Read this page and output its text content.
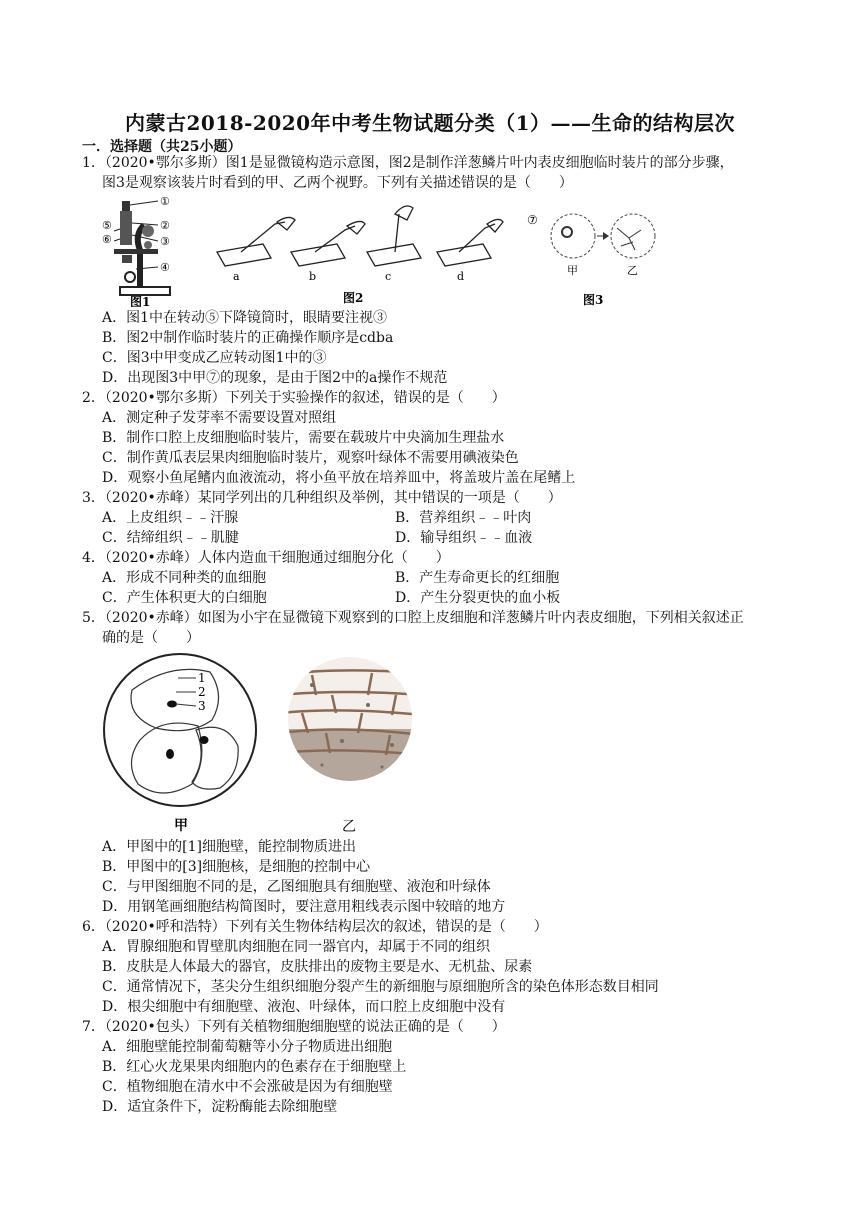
内蒙古2018-2020年中考生物试题分类（1）——生命的结构层次
一．选择题（共25小题）
1．（2020•鄂尔多斯）图1是显微镜构造示意图，图2是制作洋葱鳞片叶内表皮细胞临时装片的部分步骤，
图3是观察该装片时看到的甲、乙两个视野。下列有关描述错误的是（　　）
①
②
③
④
⑤
⑥
图1
a	b	c	d
图2
⑦
甲	乙
图3
A．图1中在转动⑤下降镜筒时，眼睛要注视③
B．图2中制作临时装片的正确操作顺序是cdba
C．图3中甲变成乙应转动图1中的③
D．出现图3中甲⑦的现象，是由于图2中的a操作不规范
2．（2020•鄂尔多斯）下列关于实验操作的叙述，错误的是（　　）
A．测定种子发芽率不需要设置对照组
B．制作口腔上皮细胞临时装片，需要在载玻片中央滴加生理盐水
C．制作黄瓜表层果肉细胞临时装片，观察叶绿体不需要用碘液染色
D．观察小鱼尾鳍内血液流动，将小鱼平放在培养皿中，将盖玻片盖在尾鳍上
3．（2020•赤峰）某同学列出的几种组织及举例，其中错误的一项是（　　）
A．上皮组织﹣﹣汗腺	B．营养组织﹣﹣叶肉
C．结缔组织﹣﹣肌腱	D．输导组织﹣﹣血液
4．（2020•赤峰）人体内造血干细胞通过细胞分化（　　）
A．形成不同种类的血细胞	B．产生寿命更长的红细胞
C．产生体积更大的白细胞	D．产生分裂更快的血小板
5．（2020•赤峰）如图为小宇在显微镜下观察到的口腔上皮细胞和洋葱鳞片叶内表皮细胞，下列相关叙述正
确的是（　　）
1
2
3
甲	乙
A．甲图中的[1]细胞壁，能控制物质进出
B．甲图中的[3]细胞核，是细胞的控制中心
C．与甲图细胞不同的是，乙图细胞具有细胞壁、液泡和叶绿体
D．用钢笔画细胞结构简图时，要注意用粗线表示图中较暗的地方
6．（2020•呼和浩特）下列有关生物体结构层次的叙述，错误的是（　　）
A．胃腺细胞和胃壁肌肉细胞在同一器官内，却属于不同的组织
B．皮肤是人体最大的器官，皮肤排出的废物主要是水、无机盐、尿素
C．通常情况下，茎尖分生组织细胞分裂产生的新细胞与原细胞所含的染色体形态数目相同
D．根尖细胞中有细胞壁、液泡、叶绿体，而口腔上皮细胞中没有
7．（2020•包头）下列有关植物细胞细胞壁的说法正确的是（　　）
A．细胞壁能控制葡萄糖等小分子物质进出细胞
B．红心火龙果果肉细胞内的色素存在于细胞壁上
C．植物细胞在清水中不会涨破是因为有细胞壁
D．适宜条件下，淀粉酶能去除细胞壁
